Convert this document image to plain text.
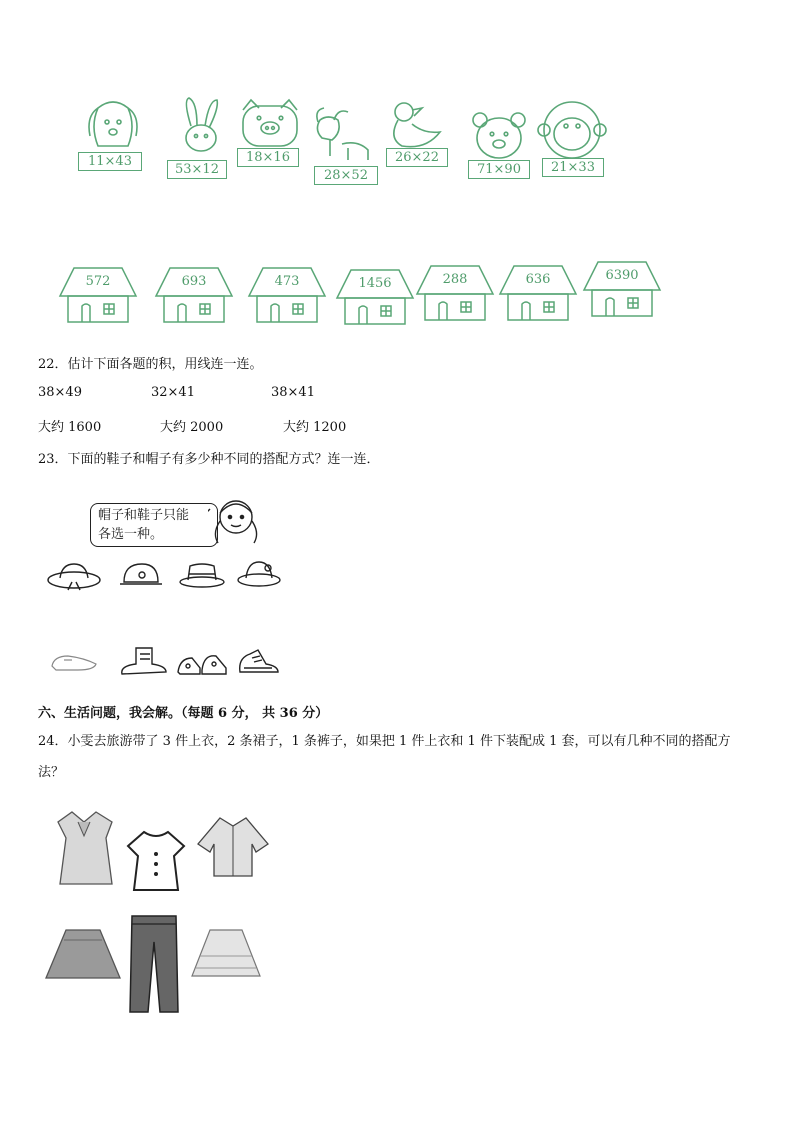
11×43
53×12
18×16
28×52
26×22
71×90	21×33
572	693	473	1456	288	636	6390
22．估计下面各题的积，用线连一连。
38×49	32×41	38×41
大约 1600	大约 2000	大约 1200
23．下面的鞋子和帽子有多少种不同的搭配方式？连一连．
帽子和鞋子只能
各选一种。
六、生活问题，我会解。（每题 6 分， 共 36 分）
24．小雯去旅游带了 3 件上衣，2 条裙子，1 条裤子，如果把 1 件上衣和 1 件下装配成 1 套，可以有几种不同的搭配方
法？
